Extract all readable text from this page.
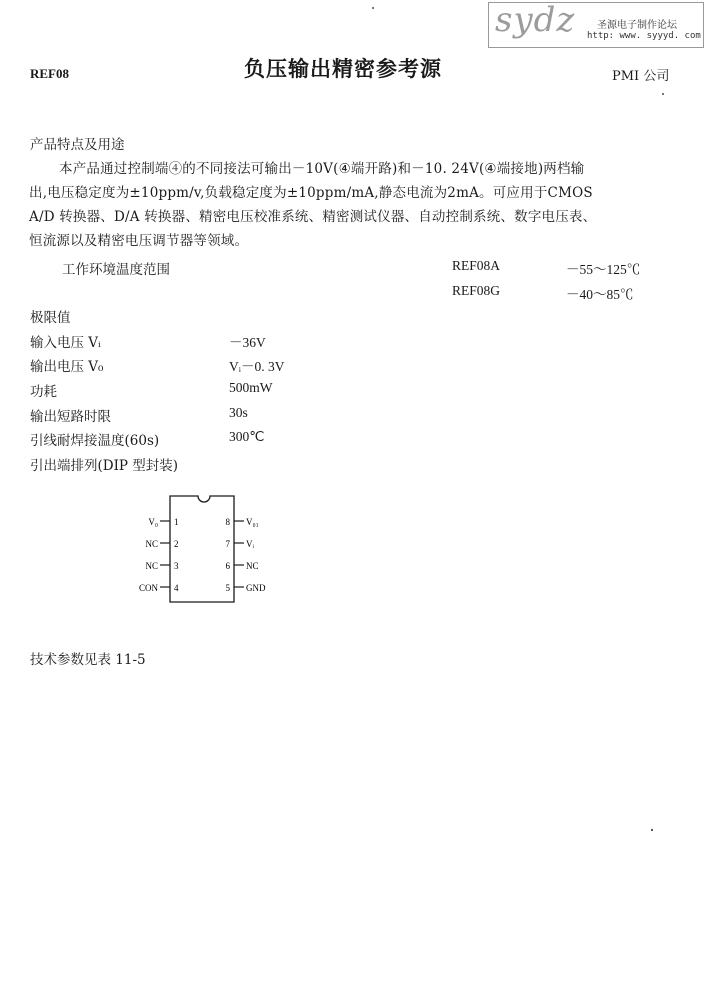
sydz 圣源电子制作论坛
http: www. syyyd. com
REF08	负压输出精密参考源	PMI 公司
产品特点及用途
本产品通过控制端④的不同接法可输出－10V(④端开路)和－10. 24V(④端接地)两档输
出,电压稳定度为±10ppm/v,负载稳定度为±10ppm/mA,静态电流为2mA。可应用于CMOS
A/D 转换器、D/A 转换器、精密电压校准系统、精密测试仪器、自动控制系统、数字电压表、
恒流源以及精密电压调节器等领域。
工作环境温度范围	REF08A	－55～125℃
REF08G	－40～85℃
极限值
输入电压 Vᵢ	－36V
输出电压 V₀	Vᵢ－0. 3V
功耗	500mW
输出短路时限	30s
引线耐焊接温度(60s)	300℃
引出端排列(DIP 型封装)
V₀ 1
NC 2
NC 3
CON 4
8 V₀₁
7 Vᵢ
6 NC
5 GND
技术参数见表 11-5
